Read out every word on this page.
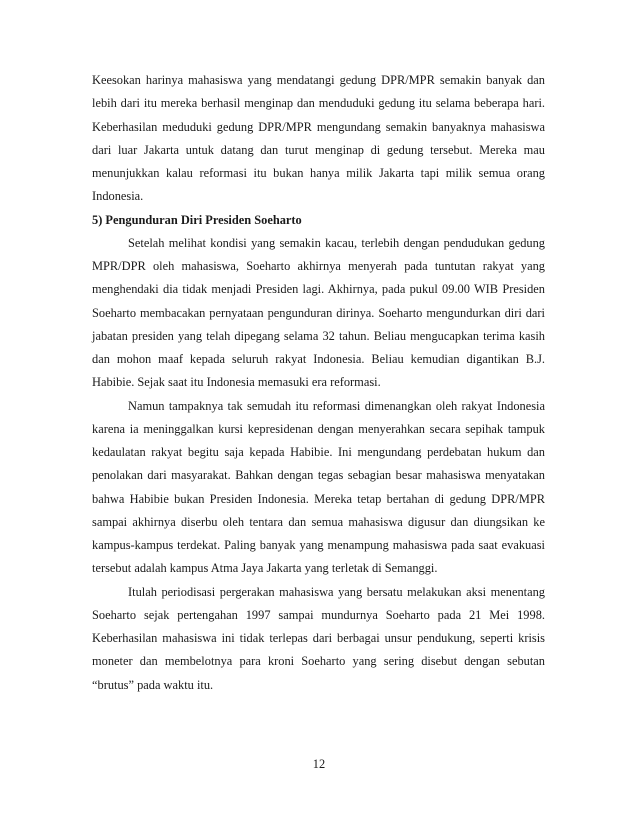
Keesokan harinya mahasiswa yang mendatangi gedung DPR/MPR semakin banyak dan lebih dari itu mereka berhasil menginap dan menduduki gedung itu selama beberapa hari. Keberhasilan meduduki gedung DPR/MPR mengundang semakin banyaknya mahasiswa dari luar Jakarta untuk datang dan turut menginap di gedung tersebut. Mereka mau menunjukkan kalau reformasi itu bukan hanya milik Jakarta tapi milik semua orang Indonesia.

5) Pengunduran Diri Presiden Soeharto

Setelah melihat kondisi yang semakin kacau, terlebih dengan pendudukan gedung MPR/DPR oleh mahasiswa, Soeharto akhirnya menyerah pada tuntutan rakyat yang menghendaki dia tidak menjadi Presiden lagi. Akhirnya, pada pukul 09.00 WIB Presiden Soeharto membacakan pernyataan pengunduran dirinya. Soeharto mengundurkan diri dari jabatan presiden yang telah dipegang selama 32 tahun. Beliau mengucapkan terima kasih dan mohon maaf kepada seluruh rakyat Indonesia. Beliau kemudian digantikan B.J. Habibie. Sejak saat itu Indonesia memasuki era reformasi.

Namun tampaknya tak semudah itu reformasi dimenangkan oleh rakyat Indonesia karena ia meninggalkan kursi kepresidenan dengan menyerahkan secara sepihak tampuk kedaulatan rakyat begitu saja kepada Habibie. Ini mengundang perdebatan hukum dan penolakan dari masyarakat. Bahkan dengan tegas sebagian besar mahasiswa menyatakan bahwa Habibie bukan Presiden Indonesia. Mereka tetap bertahan di gedung DPR/MPR sampai akhirnya diserbu oleh tentara dan semua mahasiswa digusur dan diungsikan ke kampus-kampus terdekat. Paling banyak yang menampung mahasiswa pada saat evakuasi tersebut adalah kampus Atma Jaya Jakarta yang terletak di Semanggi.

Itulah periodisasi pergerakan mahasiswa yang bersatu melakukan aksi menentang Soeharto sejak pertengahan 1997 sampai mundurnya Soeharto pada 21 Mei 1998. Keberhasilan mahasiswa ini tidak terlepas dari berbagai unsur pendukung, seperti krisis moneter dan membelotnya para kroni Soeharto yang sering disebut dengan sebutan “brutus” pada waktu itu.

12
